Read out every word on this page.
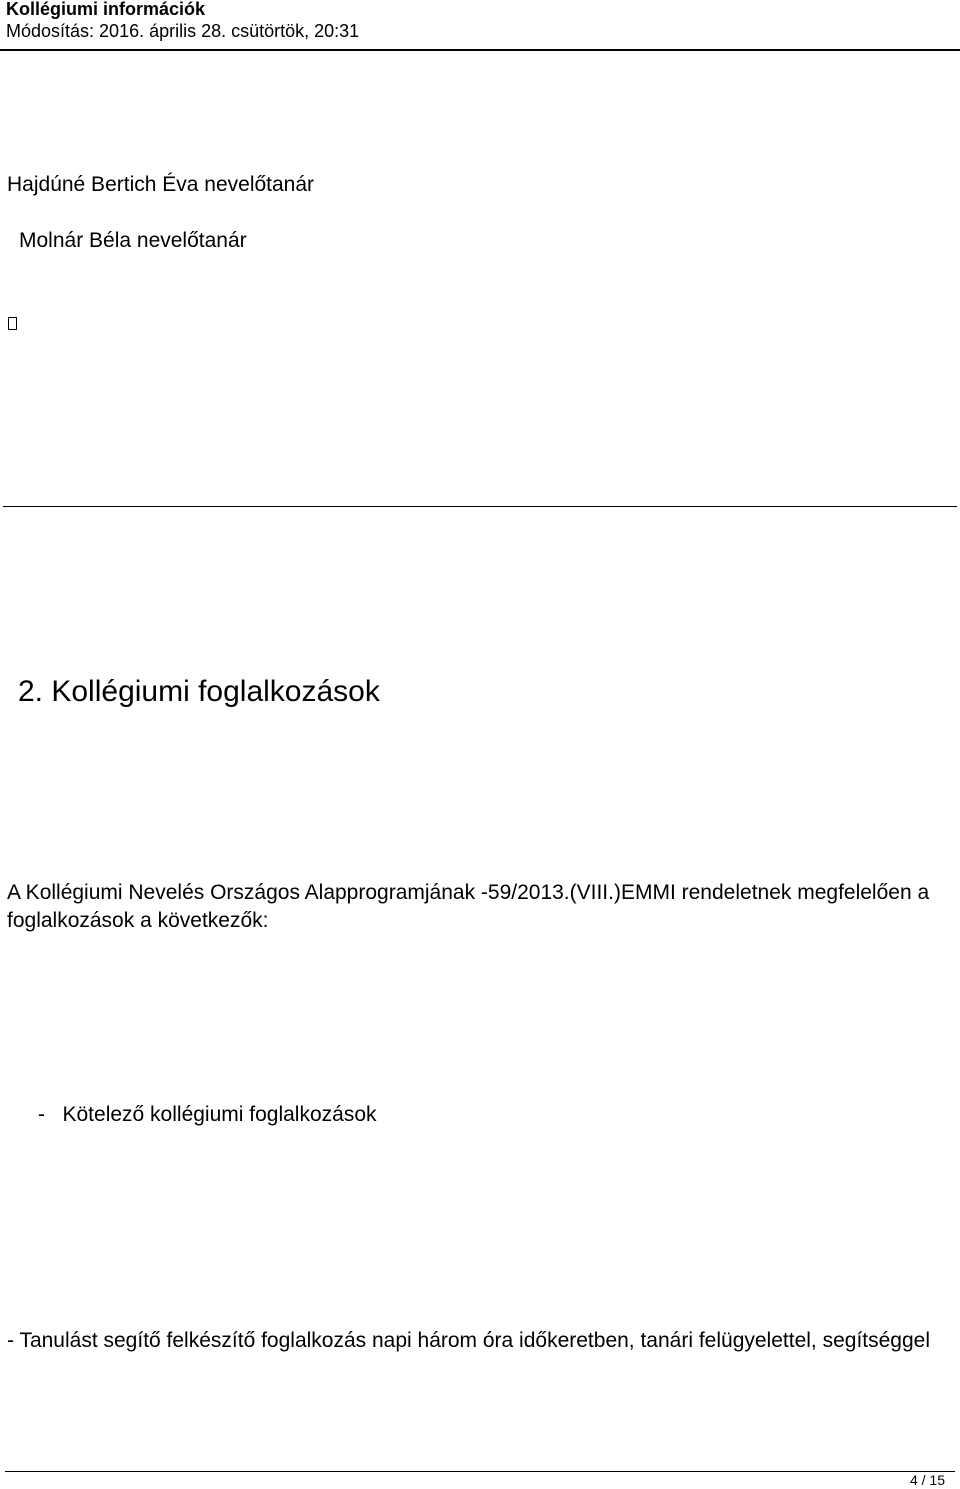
Kollégiumi információk
Módosítás: 2016. április 28. csütörtök, 20:31
Hajdúné Bertich Éva nevelőtanár
Molnár Béla nevelőtanár
2. Kollégiumi foglalkozások
A Kollégiumi Nevelés Országos Alapprogramjának -59/2013.(VIII.)EMMI rendeletnek megfelelően a foglalkozások a következők:
-   Kötelező kollégiumi foglalkozások
- Tanulást segítő felkészítő foglalkozás napi három óra időkeretben, tanári felügyelettel, segítséggel
4 / 15
